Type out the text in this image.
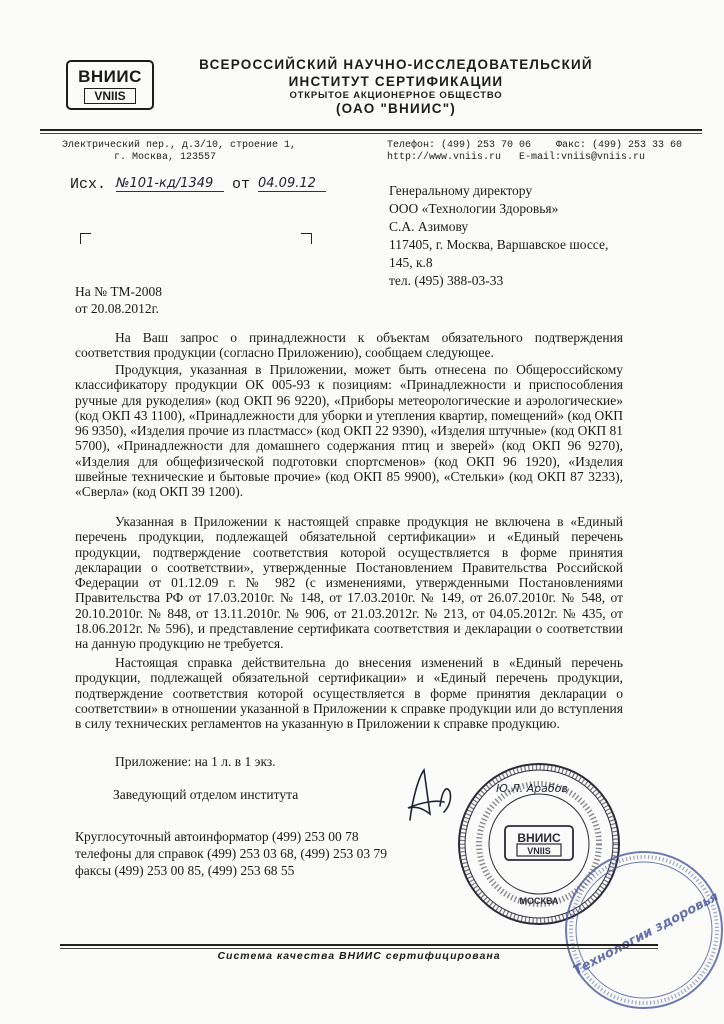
ВНИИС
VNIIS
ВСЕРОССИЙСКИЙ НАУЧНО-ИССЛЕДОВАТЕЛЬСКИЙ
ИНСТИТУТ СЕРТИФИКАЦИИ
ОТКРЫТОЕ АКЦИОНЕРНОЕ ОБЩЕСТВО
(ОАО "ВНИИС")
Электрический пер., д.3/10, строение 1,
г. Москва, 123557
Телефон: (499) 253 70 06 Факс: (499) 253 33 60
http://www.vniis.ru E-mail:vniis@vniis.ru
Исх. №101-кд/1349	от 04.09.12	Генеральному директору
ООО «Технологии Здоровья»
С.А. Азимову
117405, г. Москва, Варшавское шоссе,
145, к.8
тел. (495) 388-03-33
На № ТМ-2008
от 20.08.2012г.

На Ваш запрос о принадлежности к объектам обязательного подтверждения соответствия продукции (согласно Приложению), сообщаем следующее.

Продукция, указанная в Приложении, может быть отнесена по Общероссийскому классификатору продукции ОК 005-93 к позициям: «Принадлежности и приспособления ручные для рукоделия» (код ОКП 96 9220), «Приборы метеорологические и аэрологические» (код ОКП 43 1100), «Принадлежности для уборки и утепления квартир, помещений» (код ОКП 96 9350), «Изделия прочие из пластмасс» (код ОКП 22 9390), «Изделия штучные» (код ОКП 81 5700), «Принадлежности для домашнего содержания птиц и зверей» (код ОКП 96 9270), «Изделия для общефизической подготовки спортсменов» (код ОКП 96 1920), «Изделия швейные технические и бытовые прочие» (код ОКП 85 9900), «Стельки» (код ОКП 87 3233), «Сверла» (код ОКП 39 1200).

Указанная в Приложении к настоящей справке продукция не включена в «Единый перечень продукции, подлежащей обязательной сертификации» и «Единый перечень продукции, подтверждение соответствия которой осуществляется в форме принятия декларации о соответствии», утвержденные Постановлением Правительства Российской Федерации от 01.12.09 г. № 982 (с изменениями, утвержденными Постановлениями Правительства РФ от 17.03.2010г. № 148, от 17.03.2010г. № 149, от 26.07.2010г. № 548, от 20.10.2010г. № 848, от 13.11.2010г. № 906, от 21.03.2012г. № 213, от 04.05.2012г. № 435, от 18.06.2012г. № 596), и представление сертификата соответствия и декларации о соответствии на данную продукцию не требуется.

Настоящая справка действительна до внесения изменений в «Единый перечень продукции, подлежащей обязательной сертификации» и «Единый перечень продукции, подтверждение соответствия которой осуществляется в форме принятия декларации о соответствии» в отношении указанной в Приложении к справке продукции или до вступления в силу технических регламентов на указанную в Приложении к справке продукцию.

Приложение: на 1 л. в 1 экз.
Заведующий отделом института
ВНИИС
VNIIS
МОСКВА
Ю.Л. Арабов
Технологии здоровья
Круглосуточный автоинформатор (499) 253 00 78
телефоны для справок (499) 253 03 68, (499) 253 03 79
факсы (499) 253 00 85, (499) 253 68 55
Система качества ВНИИС сертифицирована
